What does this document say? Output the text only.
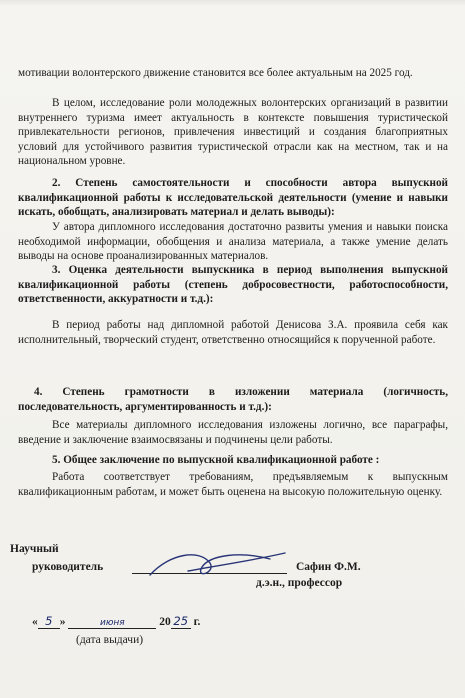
мотивации волонтерского движение становится все более актуальным на 2025 год.

В целом, исследование роли молодежных волонтерских организаций в развитии внутреннего туризма имеет актуальность в контексте повышения туристической привлекательности регионов, привлечения инвестиций и создания благоприятных условий для устойчивого развития туристической отрасли как на местном, так и на национальном уровне.

2. Степень самостоятельности и способности автора выпускной квалификационной работы к исследовательской деятельности (умение и навыки искать, обобщать, анализировать материал и делать выводы):

У автора дипломного исследования достаточно развиты умения и навыки поиска необходимой информации, обобщения и анализа материала, а также умение делать выводы на основе проанализированных материалов.

3. Оценка деятельности выпускника в период выполнения выпускной квалификационной работы (степень добросовестности, работоспособности, ответственности, аккуратности и т.д.):

В период работы над дипломной работой Денисова З.А. проявила себя как исполнительный, творческий студент, ответственно относящийся к порученной работе.

4. Степень грамотности в изложении материала (логичность, последовательность, аргументированность и т.д.):

Все материалы дипломного исследования изложены логично, все параграфы, введение и заключение взаимосвязаны и подчинены цели работы.

5. Общее заключение по выпускной квалификационной работе :

Работа соответствует требованиям, предъявляемым к выпускным квалификационным работам, и может быть оценена на высокую положительную оценку.

Научный
руководитель	Сафин Ф.М.
д.э.н., профессор
« 5 »	июня	20 25 г.
(дата выдачи)
